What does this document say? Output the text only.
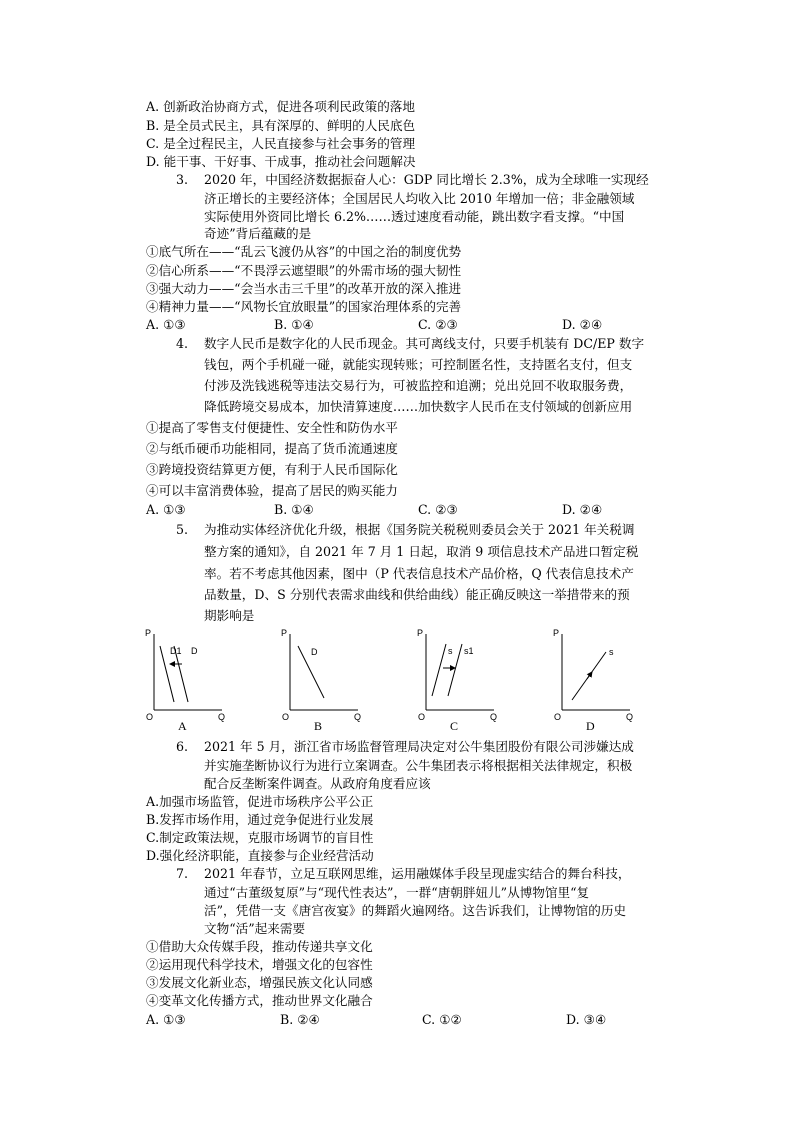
A. 创新政治协商方式，促进各项利民政策的落地
B. 是全员式民主，具有深厚的、鲜明的人民底色
C. 是全过程民主，人民直接参与社会事务的管理
D. 能干事、干好事、干成事，推动社会问题解决
3. 2020 年，中国经济数据振奋人心：GDP 同比增长 2.3%，成为全球唯一实现经
济正增长的主要经济体；全国居民人均收入比 2010 年增加一倍；非金融领域
实际使用外资同比增长 6.2%……透过速度看动能，跳出数字看支撑。“中国
奇迹”背后蕴藏的是
①底气所在——“乱云飞渡仍从容”的中国之治的制度优势
②信心所系——“不畏浮云遮望眼”的外需市场的强大韧性
③强大动力——“会当水击三千里”的改革开放的深入推进
④精神力量——“风物长宜放眼量”的国家治理体系的完善
A. ①③	B. ①④	C. ②③	D. ②④
4. 数字人民币是数字化的人民币现金。其可离线支付，只要手机装有 DC/EP 数字
钱包，两个手机碰一碰，就能实现转账；可控制匿名性，支持匿名支付，但支
付涉及洗钱逃税等违法交易行为，可被监控和追溯；兑出兑回不收取服务费，
降低跨境交易成本，加快清算速度……加快数字人民币在支付领域的创新应用
①提高了零售支付便捷性、安全性和防伪水平
②与纸币硬币功能相同，提高了货币流通速度
③跨境投资结算更方便，有利于人民币国际化
④可以丰富消费体验，提高了居民的购买能力
A. ①③	B. ①④	C. ②③	D. ②④
5. 为推动实体经济优化升级，根据《国务院关税税则委员会关于 2021 年关税调
整方案的通知》，自 2021 年 7 月 1 日起，取消 9 项信息技术产品进口暂定税
率。若不考虑其他因素，图中（P 代表信息技术产品价格，Q 代表信息技术产
品数量，D、S 分别代表需求曲线和供给曲线）能正确反映这一举措带来的预
期影响是
P
Q
O
D1 D
A
P
Q
O
D
B
P
Q
O
s s1
C
P
Q
O
s
D
6. 2021 年 5 月，浙江省市场监督管理局决定对公牛集团股份有限公司涉嫌达成
并实施垄断协议行为进行立案调查。公牛集团表示将根据相关法律规定，积极
配合反垄断案件调查。从政府角度看应该
A.加强市场监管，促进市场秩序公平公正
B.发挥市场作用，通过竞争促进行业发展
C.制定政策法规，克服市场调节的盲目性
D.强化经济职能，直接参与企业经营活动
7. 2021 年春节，立足互联网思维，运用融媒体手段呈现虚实结合的舞台科技，
通过“古董级复原”与“现代性表达”，一群“唐朝胖妞儿”从博物馆里“复
活”，凭借一支《唐宫夜宴》的舞蹈火遍网络。这告诉我们，让博物馆的历史
文物“活”起来需要
①借助大众传媒手段，推动传递共享文化
②运用现代科学技术，增强文化的包容性
③发展文化新业态，增强民族文化认同感
④变革文化传播方式，推动世界文化融合
A. ①③	B. ②④	C. ①②	D. ③④
